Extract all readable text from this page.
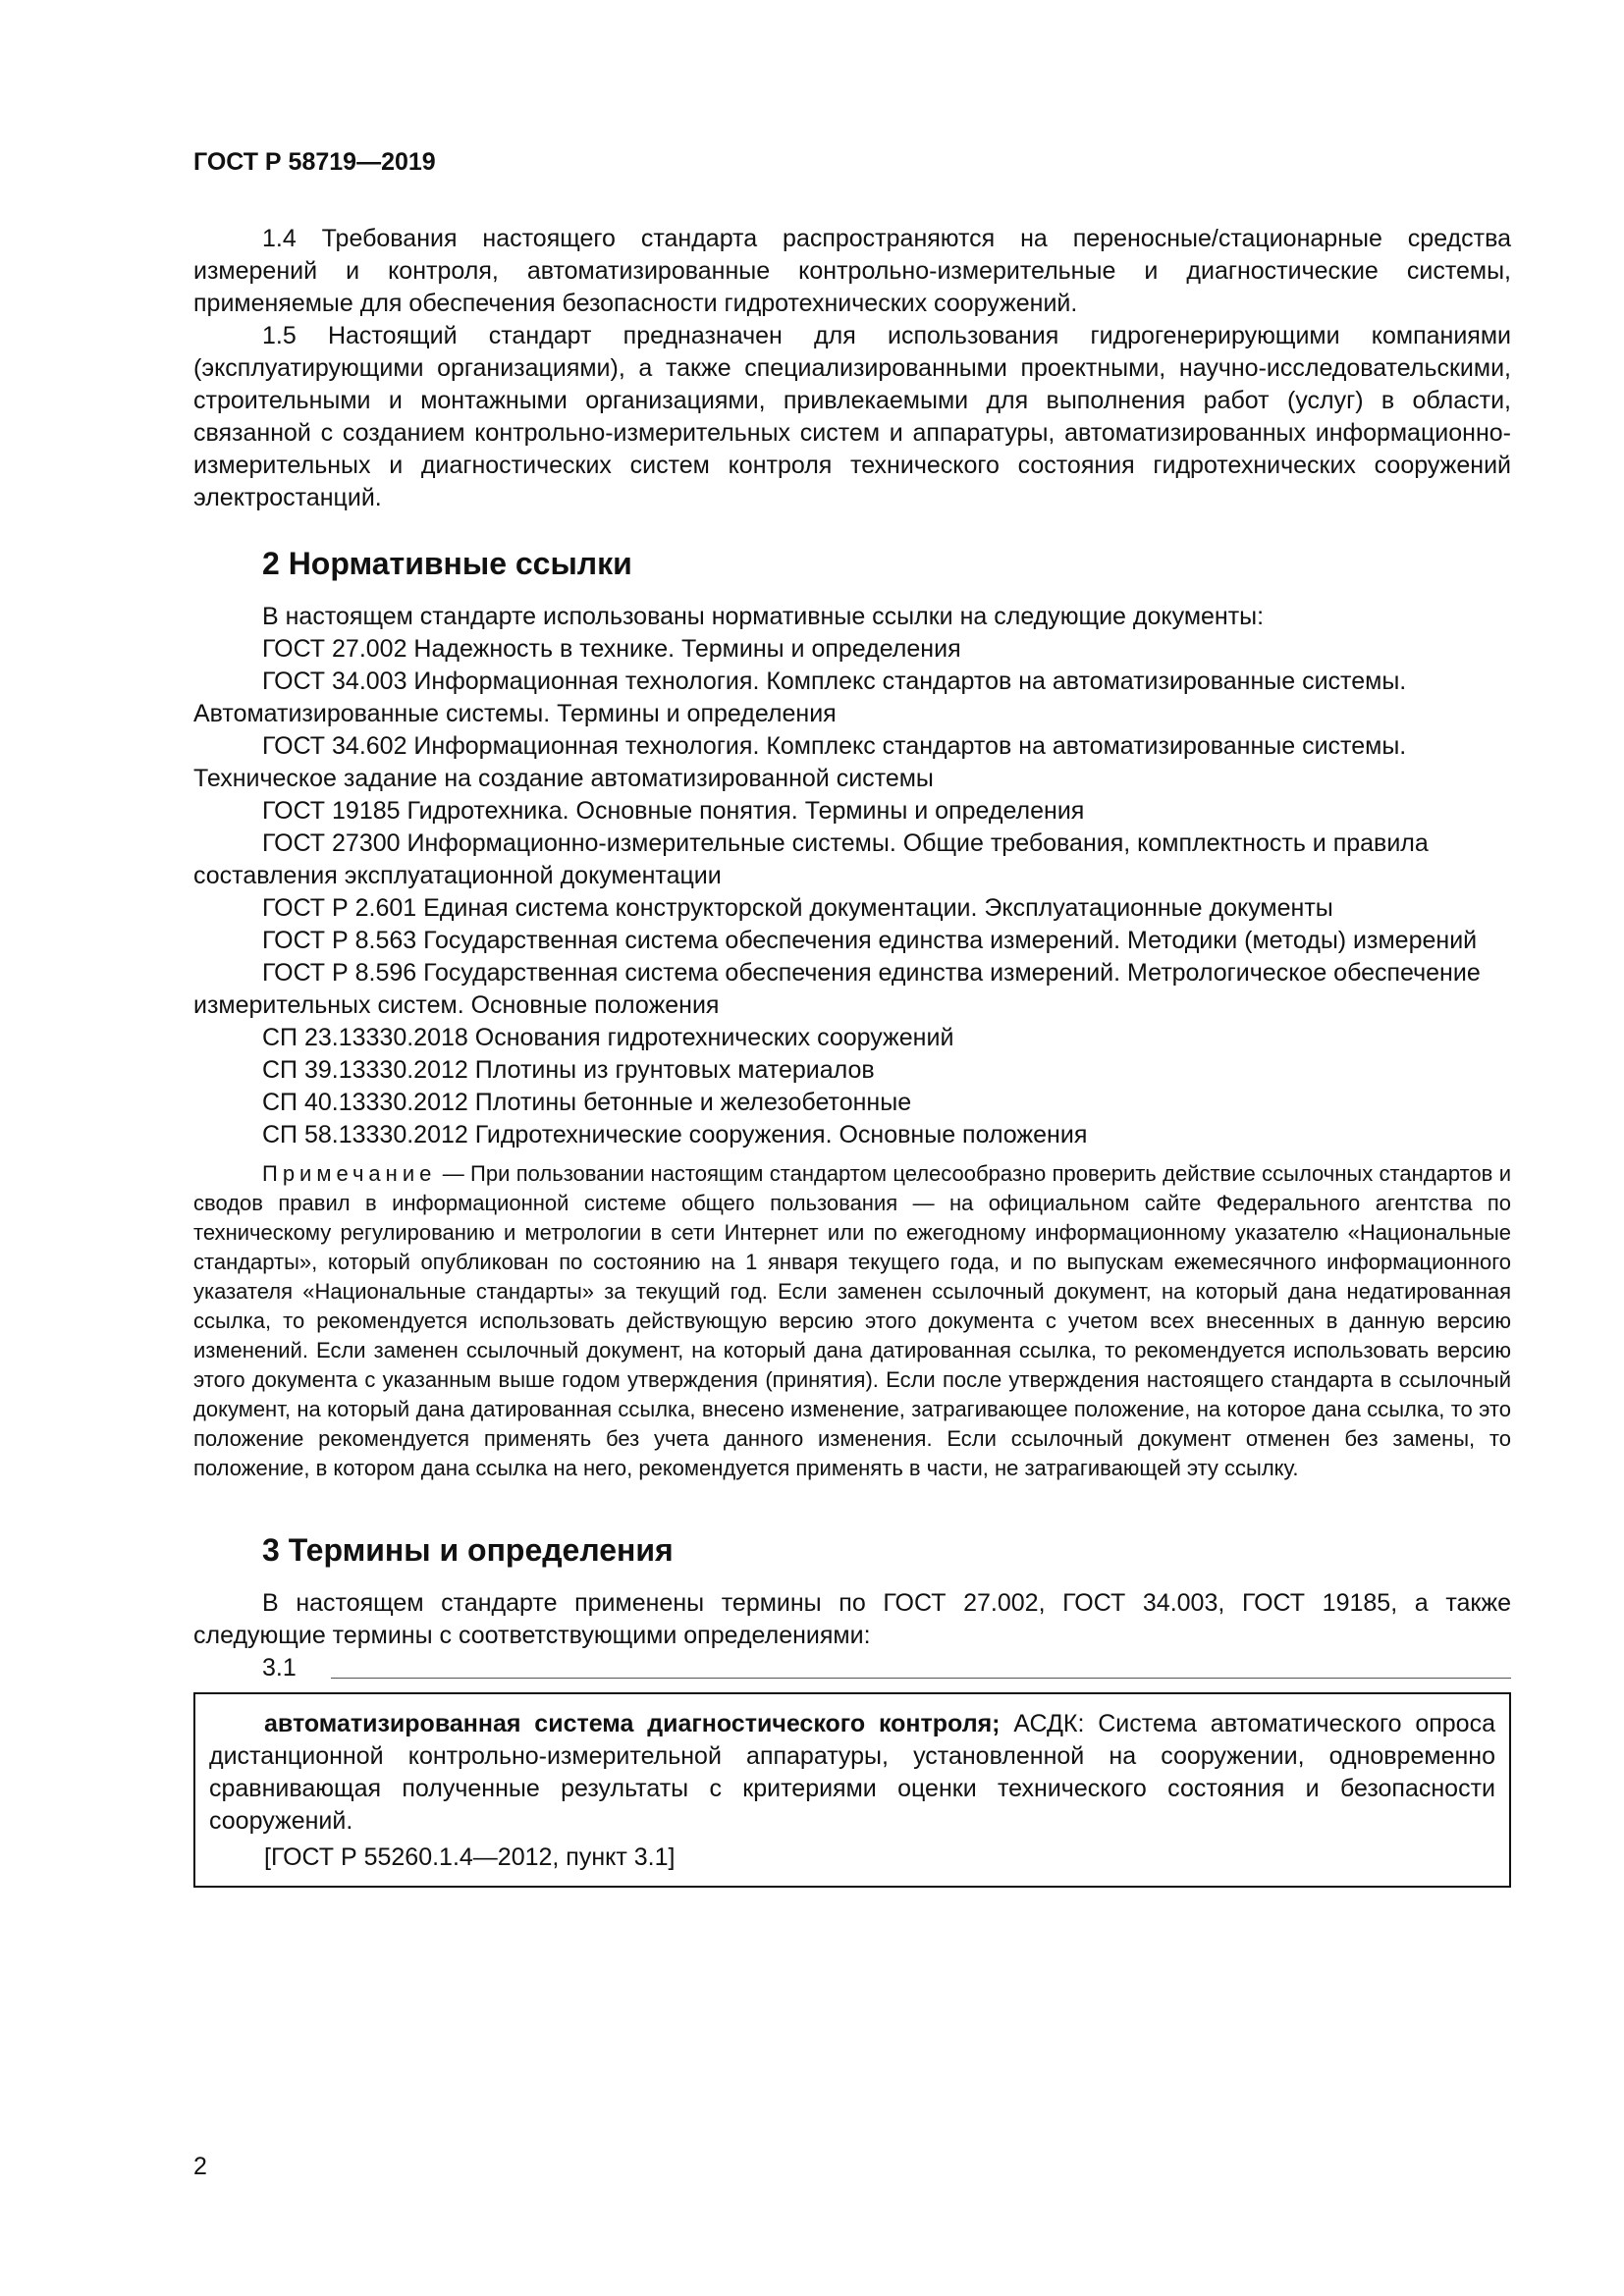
ГОСТ Р 58719—2019

1.4 Требования настоящего стандарта распространяются на переносные/стационарные средства измерений и контроля, автоматизированные контрольно-измерительные и диагностические системы, применяемые для обеспечения безопасности гидротехнических сооружений.

1.5 Настоящий стандарт предназначен для использования гидрогенерирующими компаниями (эксплуатирующими организациями), а также специализированными проектными, научно-исследовательскими, строительными и монтажными организациями, привлекаемыми для выполнения работ (услуг) в области, связанной с созданием контрольно-измерительных систем и аппаратуры, автоматизированных информационно-измерительных и диагностических систем контроля технического состояния гидротехнических сооружений электростанций.

2 Нормативные ссылки

В настоящем стандарте использованы нормативные ссылки на следующие документы:

ГОСТ 27.002 Надежность в технике. Термины и определения

ГОСТ 34.003 Информационная технология. Комплекс стандартов на автоматизированные системы. Автоматизированные системы. Термины и определения

ГОСТ 34.602 Информационная технология. Комплекс стандартов на автоматизированные системы. Техническое задание на создание автоматизированной системы

ГОСТ 19185 Гидротехника. Основные понятия. Термины и определения

ГОСТ 27300 Информационно-измерительные системы. Общие требования, комплектность и правила составления эксплуатационной документации

ГОСТ Р 2.601 Единая система конструкторской документации. Эксплуатационные документы

ГОСТ Р 8.563 Государственная система обеспечения единства измерений. Методики (методы) измерений

ГОСТ Р 8.596 Государственная система обеспечения единства измерений. Метрологическое обеспечение измерительных систем. Основные положения

СП 23.13330.2018 Основания гидротехнических сооружений

СП 39.13330.2012 Плотины из грунтовых материалов

СП 40.13330.2012 Плотины бетонные и железобетонные

СП 58.13330.2012 Гидротехнические сооружения. Основные положения

Примечание — При пользовании настоящим стандартом целесообразно проверить действие ссылочных стандартов и сводов правил в информационной системе общего пользования — на официальном сайте Федерального агентства по техническому регулированию и метрологии в сети Интернет или по ежегодному информационному указателю «Национальные стандарты», который опубликован по состоянию на 1 января текущего года, и по выпускам ежемесячного информационного указателя «Национальные стандарты» за текущий год. Если заменен ссылочный документ, на который дана недатированная ссылка, то рекомендуется использовать действующую версию этого документа с учетом всех внесенных в данную версию изменений. Если заменен ссылочный документ, на который дана датированная ссылка, то рекомендуется использовать версию этого документа с указанным выше годом утверждения (принятия). Если после утверждения настоящего стандарта в ссылочный документ, на который дана датированная ссылка, внесено изменение, затрагивающее положение, на которое дана ссылка, то это положение рекомендуется применять без учета данного изменения. Если ссылочный документ отменен без замены, то положение, в котором дана ссылка на него, рекомендуется применять в части, не затрагивающей эту ссылку.
3 Термины и определения

В настоящем стандарте применены термины по ГОСТ 27.002, ГОСТ 34.003, ГОСТ 19185, а также следующие термины с соответствующими определениями:

3.1

автоматизированная система диагностического контроля; АСДК: Система автоматического опроса дистанционной контрольно-измерительной аппаратуры, установленной на сооружении, одновременно сравнивающая полученные результаты с критериями оценки технического состояния и безопасности сооружений.

[ГОСТ Р 55260.1.4—2012, пункт 3.1]

2
